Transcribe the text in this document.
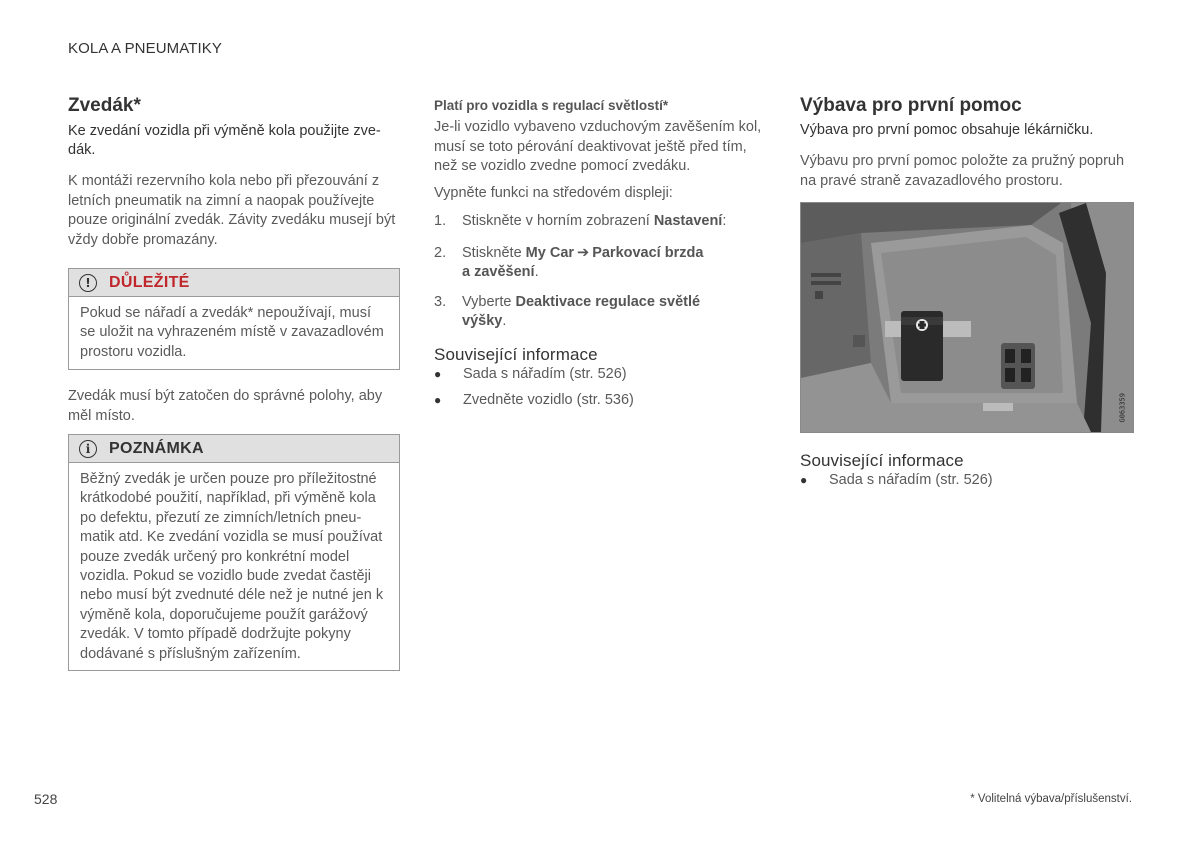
KOLA A PNEUMATIKY
Zvedák*

Ke zvedání vozidla při výměně kola použijte zve-dák.

K montáži rezervního kola nebo při přezouvání z letních pneumatik na zimní a naopak používejte pouze originální zvedák. Závity zvedáku musejí být vždy dobře promazány.

!	DŮLEŽITÉ
Pokud se nářadí a zvedák* nepoužívají, musí se uložit na vyhrazeném místě v zavazadlovém prostoru vozidla.

Zvedák musí být zatočen do správné polohy, aby měl místo.

i	POZNÁMKA
Běžný zvedák je určen pouze pro příležitostné krátkodobé použití, například, při výměně kola po defektu, přezutí ze zimních/letních pneu-matik atd. Ke zvedání vozidla se musí používat pouze zvedák určený pro konkrétní model vozidla. Pokud se vozidlo bude zvedat častěji nebo musí být zvednuté déle než je nutné jen k výměně kola, doporučujeme použít garážový zvedák. V tomto případě dodržujte pokyny dodávané s příslušným zařízením.
Platí pro vozidla s regulací světlostí*

Je-li vozidlo vybaveno vzduchovým zavěšením kol, musí se toto pérování deaktivovat ještě před tím, než se vozidlo zvedne pomocí zvedáku.

Vypněte funkci na středovém displeji:

1.	Stiskněte v horním zobrazení Nastavení:
2.	Stiskněte My Car ➔ Parkovací brzda
a zavěšení.
3.	Vyberte Deaktivace regulace světlé
výšky.
Související informace
●	Sada s nářadím (str. 526)
●	Zvedněte vozidlo (str. 536)
Výbava pro první pomoc

Výbava pro první pomoc obsahuje lékárničku.

Výbavu pro první pomoc položte za pružný popruh na pravé straně zavazadlového prostoru.

G063359
Související informace
●	Sada s nářadím (str. 526)
528	* Volitelná výbava/příslušenství.
